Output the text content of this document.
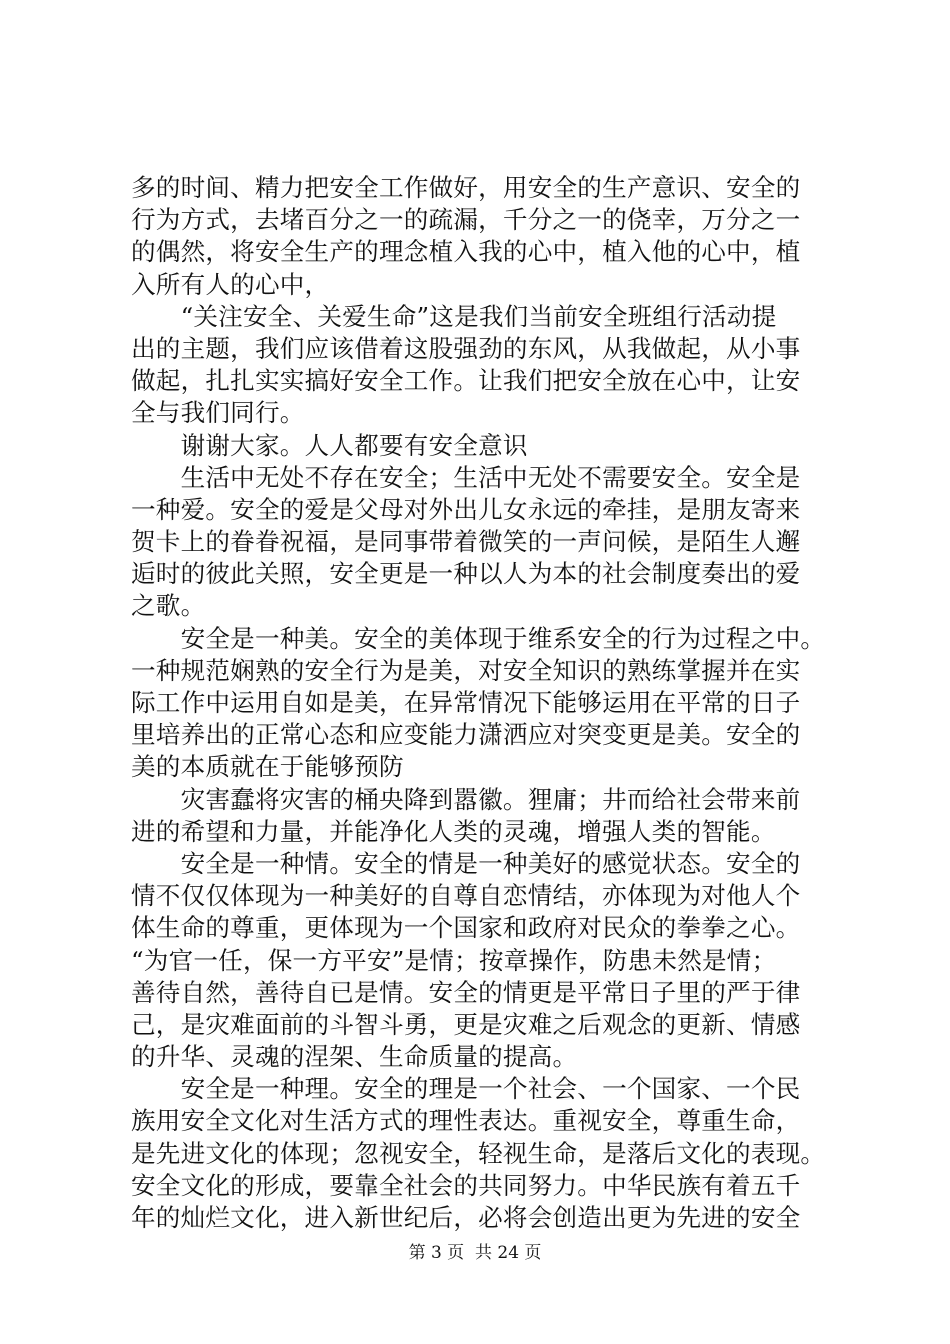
多的时间、精力把安全工作做好，用安全的生产意识、安全的
行为方式，去堵百分之一的疏漏，千分之一的侥幸，万分之一
的偶然，将安全生产的理念植入我的心中，植入他的心中，植
入所有人的心中，
　　“关注安全、关爱生命”这是我们当前安全班组行活动提
出的主题，我们应该借着这股强劲的东风，从我做起，从小事
做起，扎扎实实搞好安全工作。让我们把安全放在心中，让安
全与我们同行。
　　谢谢大家。人人都要有安全意识
　　生活中无处不存在安全；生活中无处不需要安全。安全是
一种爱。安全的爱是父母对外出儿女永远的牵挂，是朋友寄来
贺卡上的眷眷祝福，是同事带着微笑的一声问候，是陌生人邂
逅时的彼此关照，安全更是一种以人为本的社会制度奏出的爱
之歌。
　　安全是一种美。安全的美体现于维系安全的行为过程之中。
一种规范娴熟的安全行为是美，对安全知识的熟练掌握并在实
际工作中运用自如是美，在异常情况下能够运用在平常的日子
里培养出的正常心态和应变能力潇洒应对突变更是美。安全的
美的本质就在于能够预防
　　灾害蠢将灾害的桶央降到嚣徽。狸庸；井而给社会带来前
进的希望和力量，并能净化人类的灵魂，增强人类的智能。
　　安全是一种情。安全的情是一种美好的感觉状态。安全的
情不仅仅体现为一种美好的自尊自恋情结，亦体现为对他人个
体生命的尊重，更体现为一个国家和政府对民众的拳拳之心。
“为官一任，保一方平安”是情；按章操作，防患未然是情；
善待自然，善待自已是情。安全的情更是平常日子里的严于律
己，是灾难面前的斗智斗勇，更是灾难之后观念的更新、情感
的升华、灵魂的涅架、生命质量的提高。
　　安全是一种理。安全的理是一个社会、一个国家、一个民
族用安全文化对生活方式的理性表达。重视安全，尊重生命，
是先进文化的体现；忽视安全，轻视生命，是落后文化的表现。
安全文化的形成，要靠全社会的共同努力。中华民族有着五千
年的灿烂文化，进入新世纪后，必将会创造出更为先进的安全
第 3 页  共 24 页
